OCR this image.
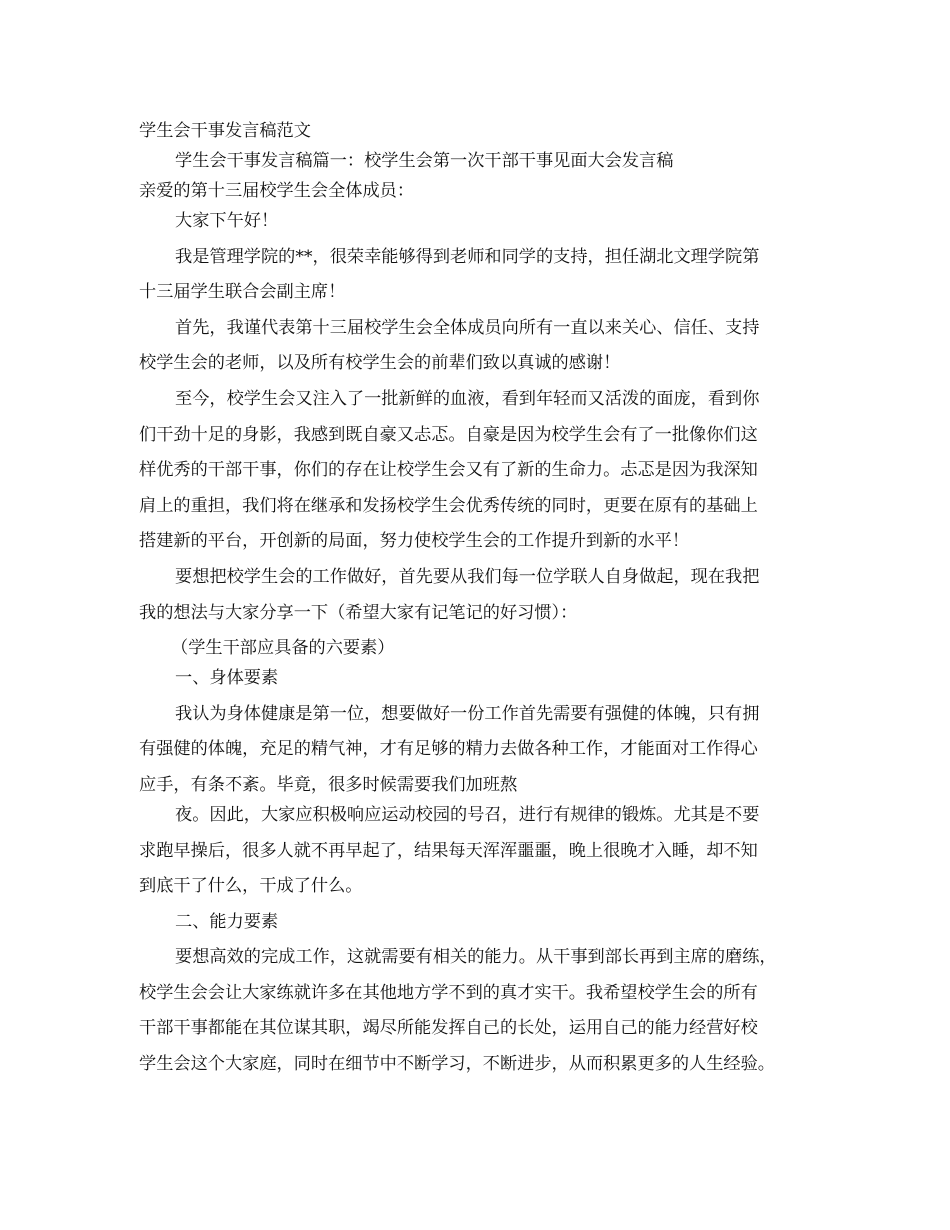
学生会干事发言稿范文

学生会干事发言稿篇一：校学生会第一次干部干事见面大会发言稿

亲爱的第十三届校学生会全体成员：

大家下午好！

我是管理学院的**，很荣幸能够得到老师和同学的支持，担任湖北文理学院第

十三届学生联合会副主席！

首先，我谨代表第十三届校学生会全体成员向所有一直以来关心、信任、支持

校学生会的老师，以及所有校学生会的前辈们致以真诚的感谢！

至今，校学生会又注入了一批新鲜的血液，看到年轻而又活泼的面庞，看到你

们干劲十足的身影，我感到既自豪又忐忑。自豪是因为校学生会有了一批像你们这

样优秀的干部干事，你们的存在让校学生会又有了新的生命力。忐忑是因为我深知

肩上的重担，我们将在继承和发扬校学生会优秀传统的同时，更要在原有的基础上

搭建新的平台，开创新的局面，努力使校学生会的工作提升到新的水平！

要想把校学生会的工作做好，首先要从我们每一位学联人自身做起，现在我把

我的想法与大家分享一下（希望大家有记笔记的好习惯）：

（学生干部应具备的六要素）

一、身体要素

我认为身体健康是第一位，想要做好一份工作首先需要有强健的体魄，只有拥

有强健的体魄，充足的精气神，才有足够的精力去做各种工作，才能面对工作得心

应手，有条不紊。毕竟，很多时候需要我们加班熬

夜。因此，大家应积极响应运动校园的号召，进行有规律的锻炼。尤其是不要

求跑早操后，很多人就不再早起了，结果每天浑浑噩噩，晚上很晚才入睡，却不知

到底干了什么，干成了什么。

二、能力要素

要想高效的完成工作，这就需要有相关的能力。从干事到部长再到主席的磨练，

校学生会会让大家练就许多在其他地方学不到的真才实干。我希望校学生会的所有

干部干事都能在其位谋其职，竭尽所能发挥自己的长处，运用自己的能力经营好校

学生会这个大家庭，同时在细节中不断学习，不断进步，从而积累更多的人生经验。
